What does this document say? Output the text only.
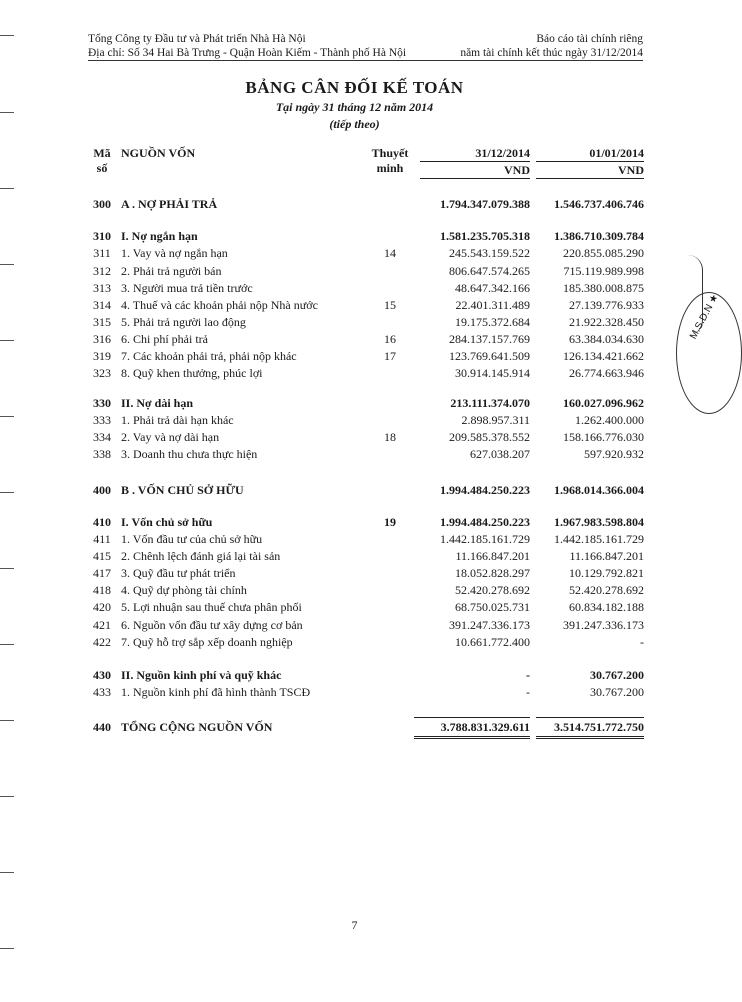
Tổng Công ty Đầu tư và Phát triển Nhà Hà Nội
Địa chỉ: Số 34 Hai Bà Trưng - Quận Hoàn Kiếm - Thành phố Hà Nội
Báo cáo tài chính riêng
năm tài chính kết thúc ngày 31/12/2014
BẢNG CÂN ĐỐI KẾ TOÁN
Tại ngày 31 tháng 12 năm 2014
(tiếp theo)
Mã
số
NGUỒN VỐN	Thuyết
minh
31/12/2014	01/01/2014
VND	VND
300 A . NỢ PHẢI TRẢ	1.794.347.079.388	1.546.737.406.746
310 I. Nợ ngắn hạn	1.581.235.705.318	1.386.710.309.784
311 1. Vay và nợ ngắn hạn	14	245.543.159.522	220.855.085.290
312 2. Phải trả người bán	806.647.574.265	715.119.989.998
313 3. Người mua trả tiền trước	48.647.342.166	185.380.008.875
314 4. Thuế và các khoản phải nộp Nhà nước	15	22.401.311.489	27.139.776.933
315 5. Phải trả người lao động	19.175.372.684	21.922.328.450
316 6. Chi phí phải trả	16	284.137.157.769	63.384.034.630
319 7. Các khoản phải trả, phải nộp khác	17	123.769.641.509	126.134.421.662
323 8. Quỹ khen thưởng, phúc lợi	30.914.145.914	26.774.663.946
330 II. Nợ dài hạn	213.111.374.070	160.027.096.962
333 1. Phải trả dài hạn khác	2.898.957.311	1.262.400.000
334 2. Vay và nợ dài hạn	18	209.585.378.552	158.166.776.030
338 3. Doanh thu chưa thực hiện	627.038.207	597.920.932
400 B . VỐN CHỦ SỞ HỮU	1.994.484.250.223	1.968.014.366.004
410 I. Vốn chủ sở hữu	19	1.994.484.250.223	1.967.983.598.804
411 1. Vốn đầu tư của chủ sở hữu	1.442.185.161.729	1.442.185.161.729
415 2. Chênh lệch đánh giá lại tài sản	11.166.847.201	11.166.847.201
417 3. Quỹ đầu tư phát triển	18.052.828.297	10.129.792.821
418 4. Quỹ dự phòng tài chính	52.420.278.692	52.420.278.692
420 5. Lợi nhuận sau thuế chưa phân phối	68.750.025.731	60.834.182.188
421 6. Nguồn vốn đầu tư xây dựng cơ bản	391.247.336.173	391.247.336.173
422 7. Quỹ hỗ trợ sắp xếp doanh nghiệp	10.661.772.400	-
430 II. Nguồn kinh phí và quỹ khác	-	30.767.200
433 1. Nguồn kinh phí đã hình thành TSCĐ	-	30.767.200
440 TỔNG CỘNG NGUỒN VỐN	3.788.831.329.611	3.514.751.772.750
7
M.S.D.N ★
